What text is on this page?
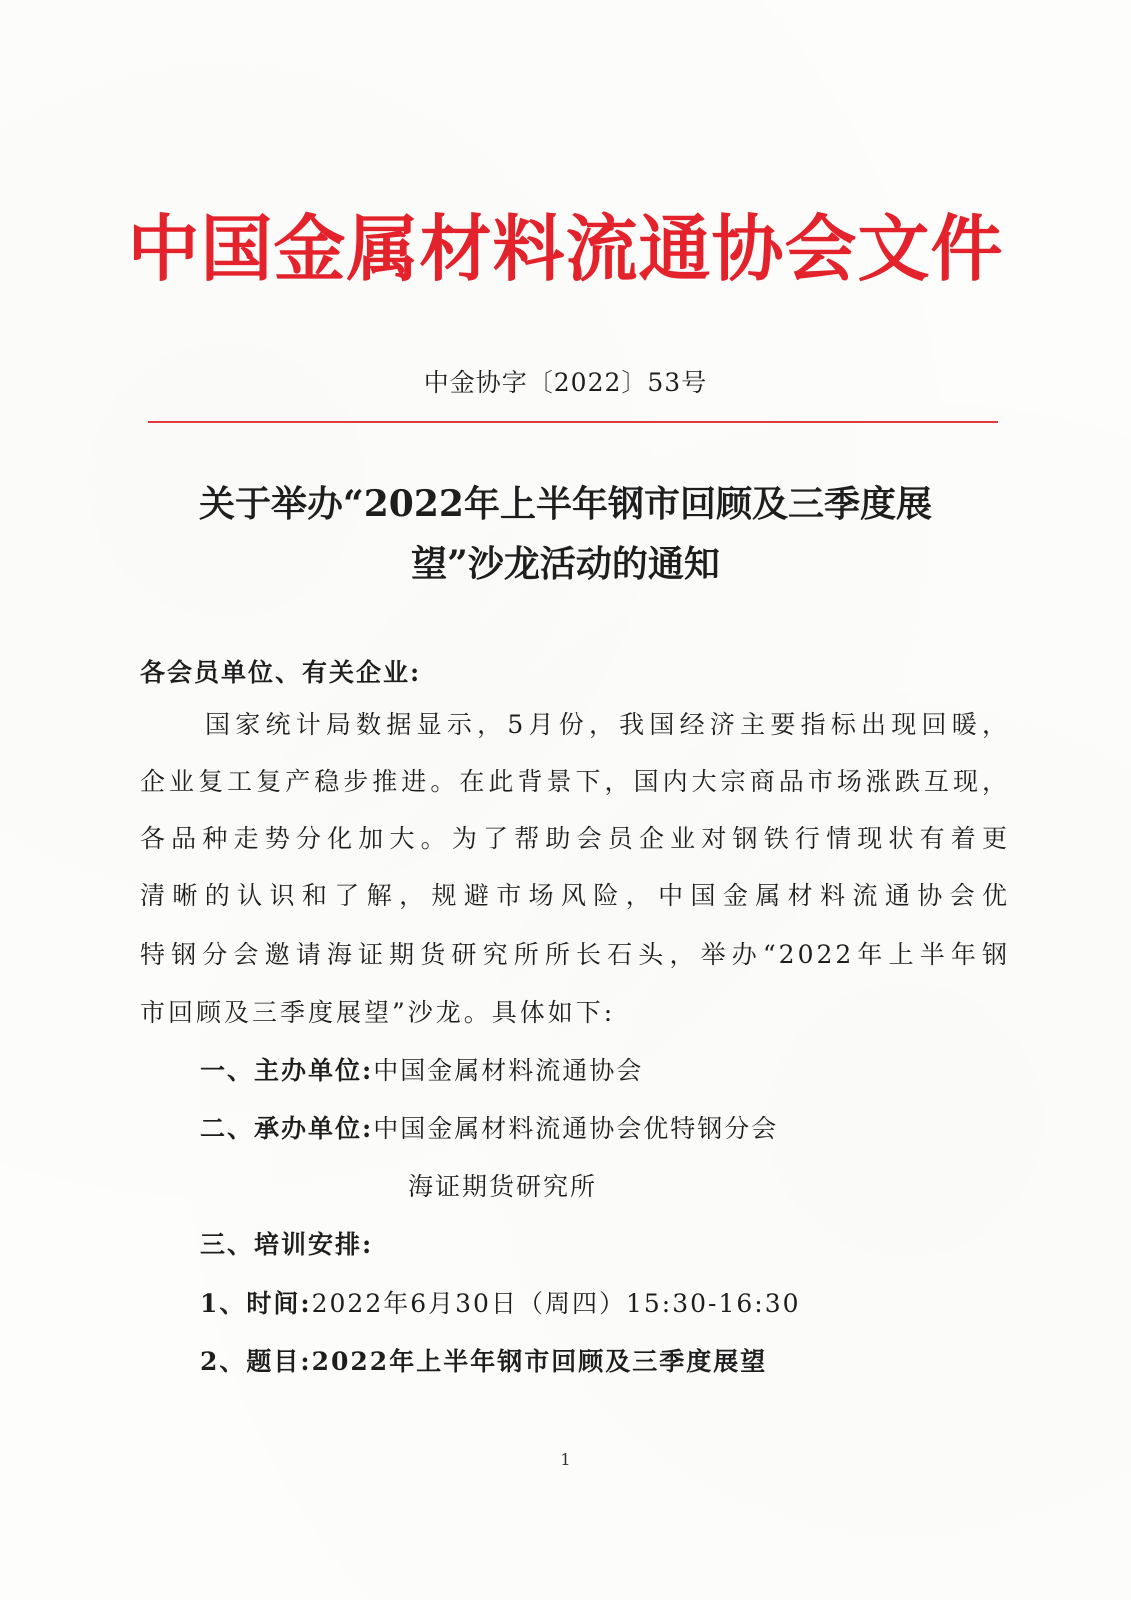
中国金属材料流通协会文件
中金协字〔2022〕53号
关于举办“2022年上半年钢市回顾及三季度展
望”沙龙活动的通知
各会员单位、有关企业:
国家统计局数据显示，5月份，我国经济主要指标出现回暖，
企业复工复产稳步推进。在此背景下，国内大宗商品市场涨跌互现，
各品种走势分化加大。为了帮助会员企业对钢铁行情现状有着更
清晰的认识和了解，规避市场风险，中国金属材料流通协会优
特钢分会邀请海证期货研究所所长石头，举办“2022年上半年钢
市回顾及三季度展望”沙龙。具体如下:
一、主办单位:中国金属材料流通协会
二、承办单位:中国金属材料流通协会优特钢分会
海证期货研究所
三、培训安排:
1、时间:2022年6月30日（周四）15:30-16:30
2、题目:2022年上半年钢市回顾及三季度展望
1
